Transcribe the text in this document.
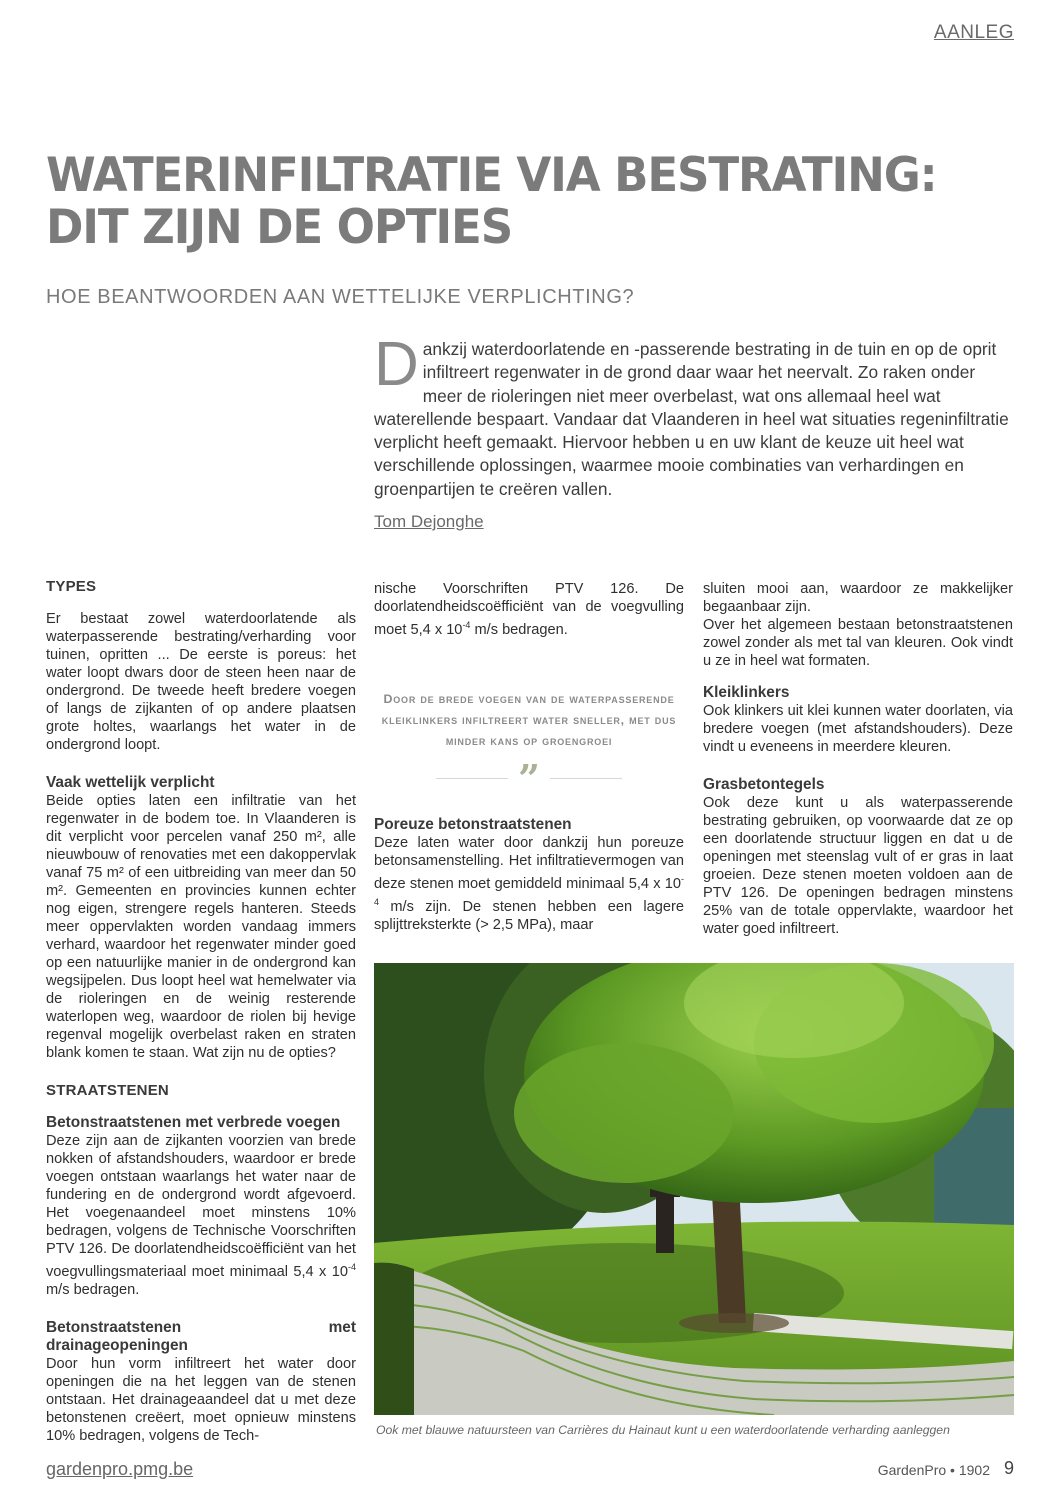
AANLEG
WATERINFILTRATIE VIA BESTRATING:
DIT ZIJN DE OPTIES
HOE BEANTWOORDEN AAN WETTELIJKE VERPLICHTING?

Dankzij waterdoorlatende en -passerende bestrating in de tuin en op de oprit infiltreert regenwater in de grond daar waar het neervalt. Zo raken onder meer de rioleringen niet meer overbelast, wat ons allemaal heel wat waterellende bespaart. Vandaar dat Vlaanderen in heel wat situaties regeninfiltratie verplicht heeft gemaakt. Hiervoor hebben u en uw klant de keuze uit heel wat verschillende oplossingen, waarmee mooie combinaties van verhardingen en groenpartijen te creëren vallen.

Tom Dejonghe
TYPES

Er bestaat zowel waterdoorlatende als waterpasserende bestrating/verharding voor tuinen, opritten ... De eerste is poreus: het water loopt dwars door de steen heen naar de ondergrond. De tweede heeft bredere voegen of langs de zijkanten of op andere plaatsen grote holtes, waarlangs het water in de ondergrond loopt.

Vaak wettelijk verplicht

Beide opties laten een infiltratie van het regenwater in de bodem toe. In Vlaanderen is dit verplicht voor percelen vanaf 250 m², alle nieuwbouw of renovaties met een dakoppervlak vanaf 75 m² of een uitbreiding van meer dan 50 m². Gemeenten en provincies kunnen echter nog eigen, strengere regels hanteren. Steeds meer oppervlakten worden vandaag immers verhard, waardoor het regenwater minder goed op een natuurlijke manier in de ondergrond kan wegsijpelen. Dus loopt heel wat hemelwater via de rioleringen en de weinig resterende waterlopen weg, waardoor de riolen bij hevige regenval mogelijk overbelast raken en straten blank komen te staan. Wat zijn nu de opties?

STRAATSTENEN
Betonstraatstenen met verbrede voegen

Deze zijn aan de zijkanten voorzien van brede nokken of afstandshouders, waardoor er brede voegen ontstaan waarlangs het water naar de fundering en de ondergrond wordt afgevoerd. Het voegenaandeel moet minstens 10% bedragen, volgens de Technische Voorschriften PTV 126. De doorlatendheidscoëfficiënt van het voegvullingsmateriaal moet minimaal 5,4 x $10^{-4}$ m/s bedragen.

Betonstraatstenen met drainageopeningen

Door hun vorm infiltreert het water door openingen die na het leggen van de stenen ontstaan. Het drainageaandeel dat u met deze betonstenen creëert, moet opnieuw minstens 10% bedragen, volgens de Tech-

nische Voorschriften PTV 126. De doorlatendheidscoëfficiënt van de voegvulling moet 5,4 x $10^{-4}$ m/s bedragen.

Door de brede voegen van de waterpasserende kleiklinkers infiltreert water sneller, met dus minder kans op groengroei
”
Poreuze betonstraatstenen

Deze laten water door dankzij hun poreuze betonsamenstelling. Het infiltratievermogen van deze stenen moet gemiddeld minimaal 5,4 x $10^{-4}$ m/s zijn. De stenen hebben een lagere splijttreksterkte (> 2,5 MPa), maar

sluiten mooi aan, waardoor ze makkelijker begaanbaar zijn.

Over het algemeen bestaan betonstraatstenen zowel zonder als met tal van kleuren. Ook vindt u ze in heel wat formaten.

Kleiklinkers

Ook klinkers uit klei kunnen water doorlaten, via bredere voegen (met afstandshouders). Deze vindt u eveneens in meerdere kleuren.

Grasbetontegels

Ook deze kunt u als waterpasserende bestrating gebruiken, op voorwaarde dat ze op een doorlatende structuur liggen en dat u de openingen met steenslag vult of er gras in laat groeien. Deze stenen moeten voldoen aan de PTV 126. De openingen bedragen minstens 25% van de totale oppervlakte, waardoor het water goed infiltreert.

Ook met blauwe natuursteen van Carrières du Hainaut kunt u een waterdoorlatende verharding aanleggen
gardenpro.pmg.be	GardenPro • 1902 9
